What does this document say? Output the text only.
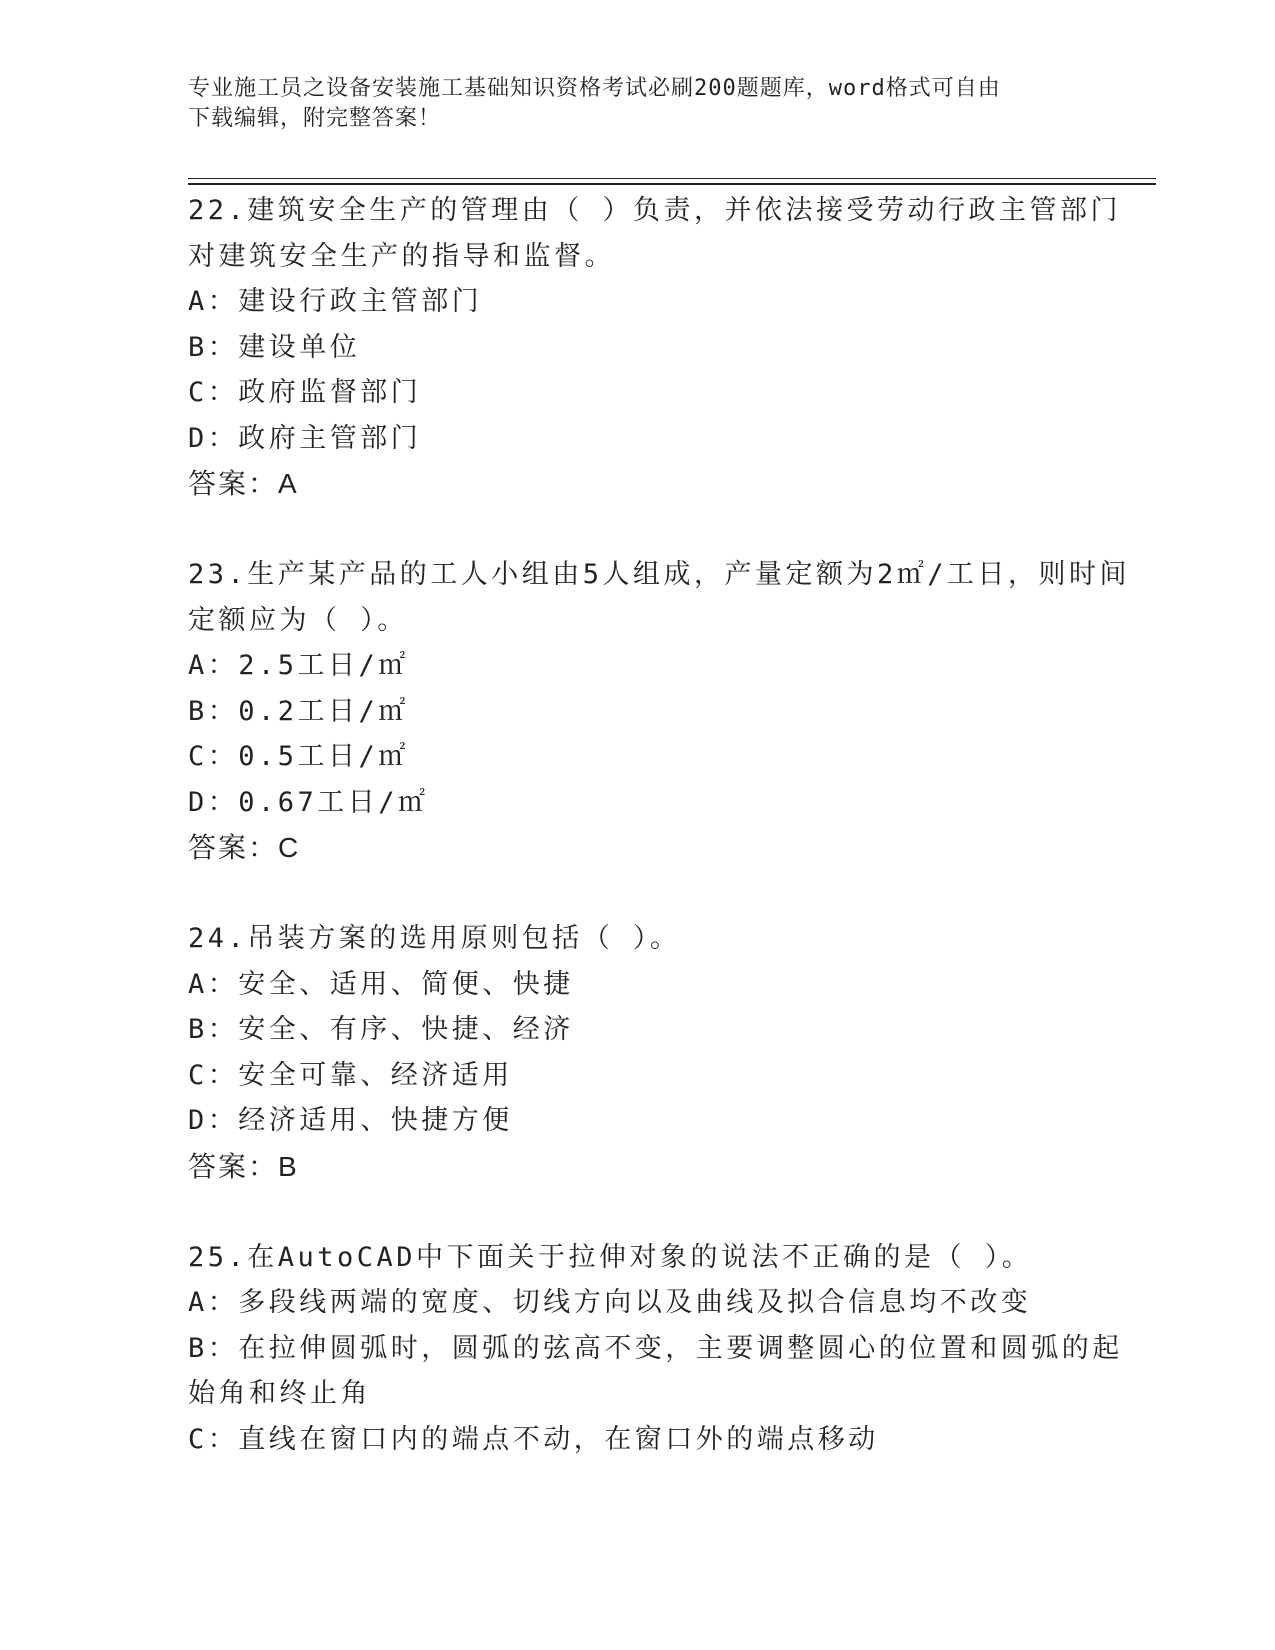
专业施工员之设备安装施工基础知识资格考试必刷200题题库，word格式可自由
下载编辑，附完整答案！
22.建筑安全生产的管理由（ ）负责，并依法接受劳动行政主管部门
对建筑安全生产的指导和监督。
A：建设行政主管部门
B：建设单位
C：政府监督部门
D：政府主管部门
答案：A
23.生产某产品的工人小组由5人组成，产量定额为2㎡/工日，则时间
定额应为（ ）。
A：2.5工日/㎡
B：0.2工日/㎡
C：0.5工日/㎡
D：0.67工日/㎡
答案：C
24.吊装方案的选用原则包括（ ）。
A：安全、适用、简便、快捷
B：安全、有序、快捷、经济
C：安全可靠、经济适用
D：经济适用、快捷方便
答案：B
25.在AutoCAD中下面关于拉伸对象的说法不正确的是（ ）。
A：多段线两端的宽度、切线方向以及曲线及拟合信息均不改变
B：在拉伸圆弧时，圆弧的弦高不变，主要调整圆心的位置和圆弧的起
始角和终止角
C：直线在窗口内的端点不动，在窗口外的端点移动
